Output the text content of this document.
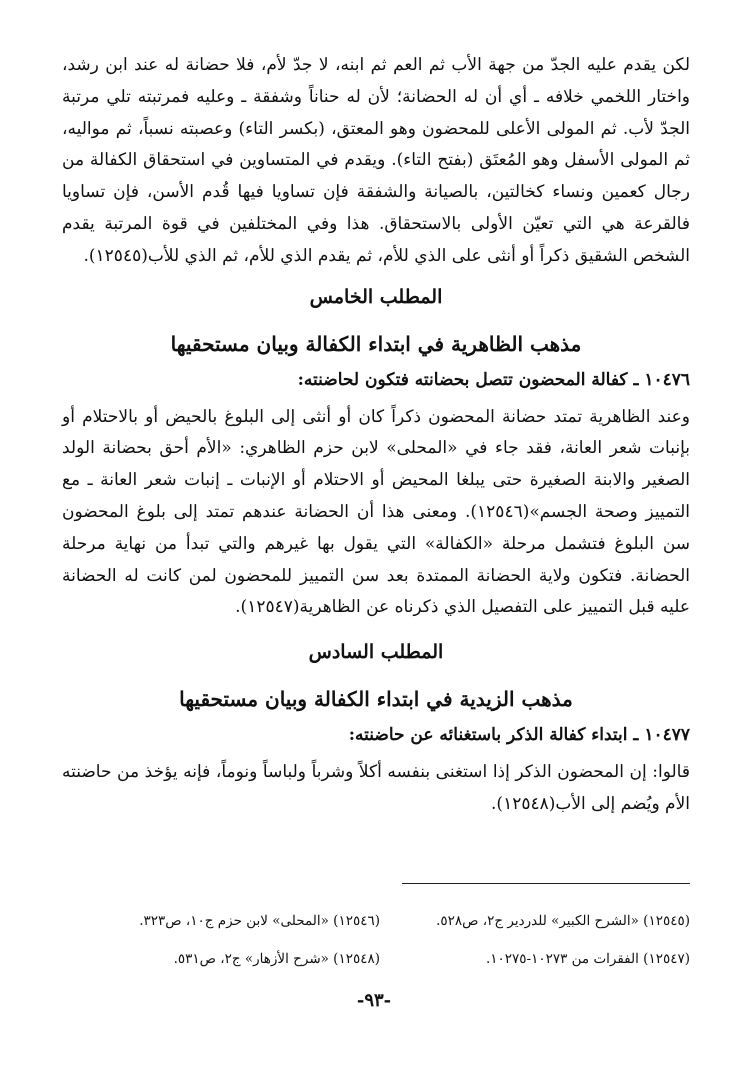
لكن يقدم عليه الجدّ من جهة الأب ثم العم ثم ابنه، لا جدّ لأم، فلا حضانة له عند ابن رشد، واختار اللخمي خلافه ـ أي أن له الحضانة؛ لأن له حناناً وشفقة ـ وعليه فمرتبته تلي مرتبة الجدّ لأب. ثم المولى الأعلى للمحضون وهو المعتق، (بكسر التاء) وعصبته نسباً، ثم مواليه، ثم المولى الأسفل وهو المُعتَق (بفتح التاء). ويقدم في المتساوين في استحقاق الكفالة من رجال كعمين ونساء كخالتين، بالصيانة والشفقة فإن تساويا فيها قُدم الأسن، فإن تساويا فالقرعة هي التي تعيّن الأولى بالاستحقاق. هذا وفي المختلفين في قوة المرتبة يقدم الشخص الشقيق ذكراً أو أنثى على الذي للأم، ثم يقدم الذي للأم، ثم الذي للأب(١٢٥٤٥).

المطلب الخامس
مذهب الظاهرية في ابتداء الكفالة وبيان مستحقيها
١٠٤٧٦ ـ كفالة المحضون تتصل بحضانته فتكون لحاضنته:

وعند الظاهرية تمتد حضانة المحضون ذكراً كان أو أنثى إلى البلوغ بالحيض أو بالاحتلام أو بإنبات شعر العانة، فقد جاء في «المحلى» لابن حزم الظاهري: «الأم أحق بحضانة الولد الصغير والابنة الصغيرة حتى يبلغا المحيض أو الاحتلام أو الإنبات ـ إنبات شعر العانة ـ مع التمييز وصحة الجسم»(١٢٥٤٦). ومعنى هذا أن الحضانة عندهم تمتد إلى بلوغ المحضون سن البلوغ فتشمل مرحلة «الكفالة» التي يقول بها غيرهم والتي تبدأ من نهاية مرحلة الحضانة. فتكون ولاية الحضانة الممتدة بعد سن التمييز للمحضون لمن كانت له الحضانة عليه قبل التمييز على التفصيل الذي ذكرناه عن الظاهرية(١٢٥٤٧).

المطلب السادس
مذهب الزيدية في ابتداء الكفالة وبيان مستحقيها
١٠٤٧٧ ـ ابتداء كفالة الذكر باستغنائه عن حاضنته:

قالوا: إن المحضون الذكر إذا استغنى بنفسه أكلاً وشرباً ولباساً ونوماً، فإنه يؤخذ من حاضنته الأم ويُضم إلى الأب(١٢٥٤٨).

(١٢٥٤٥) «الشرح الكبير» للدردير ج٢، ص٥٢٨.
(١٢٥٤٦) «المحلى» لابن حزم ج١٠، ص٣٢٣.
(١٢٥٤٧) الفقرات من ١٠٢٧٣-١٠٢٧٥.
(١٢٥٤٨) «شرح الأزهار» ج٢، ص٥٣١.
-٩٣-
